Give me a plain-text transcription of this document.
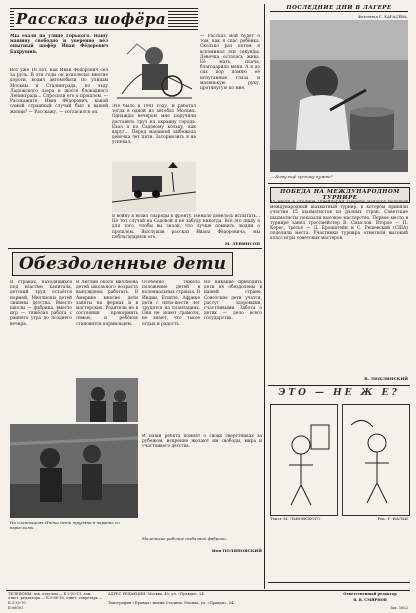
Рассказ шофёра
Мы ехали по улице Горького. Нашу машину свободно и уверенно вёл опытный шофёр Иван Фёдорович Бахрушин.
Вот уже 18 лет, как Иван Фёдорович сел за руль. В эти годы он исколесил многие дороги, водил автомобили по улицам Москвы и Сталинграда, по льду Ладожского озера и шоссе блокадного Ленинграда... Спросили его о прошлом. — Расскажите, Иван Фёдорович, какой самый страшный случай был в вашей жизни? — Расскажу, — согласился он.
Это было в 1941 году. Я работал тогда в одной из автобаз Москвы. Однажды вечером мне поручили доставить груз на окраину города. Ехал я по Садовому кольцу, как вдруг... Перед машиной выбежала девочка лет пяти. Затормозить я не успевал.
— Рассказ мой будет о том, как я спас ребёнка. Сколько раз потом я вспоминал эти секунды. Девочка осталась жива. Её мать, плача, благодарила меня. А я до сих пор помню её испуганные глаза и маленькую руку, протянутую ко мне.
В войну я возил снаряды к фронту. Немало довелось испытать... Но тот случай на Садовой я не забуду никогда. Всё это пишу я для того, чтобы вы знали, что лучше помнить людям о прошлом. Выслушав рассказ Ивана Фёдоровича, мы поблагодарили его.
М. ЛЕВИНСОН
Обездоленные дети
В странах, находящихся под властью капитала, детский труд остаётся нормой. Миллионы детей лишены детства. Вместо школы — фабрика, вместо игр — тяжёлая работа с раннего утра до позднего вечера.
В Англии около миллиона детей школьного возраста вынуждены работать. В Америке многие дети заняты на фермах и в мастерских. Родители не в состоянии прокормить семью, и ребёнок становится кормильцем.
На плантациях Индии дети трудятся наравне со взрослыми.
Особенно тяжело положение детей в колониальных странах. В Индии, Египте, Африке дети с пяти-шести лет трудятся на плантациях. Они не знают грамоты, не знают, что такое отдых и радость.
Но никакие приходить дети не обездолены в нашей стране. Советские дети учатся, растут здоровыми, счастливыми. Забота о детях — дело всего государства.
И наши ребята помнят о своих сверстниках за рубежом, искренне желают им свободы, мира и счастливого детства.
Маленькие рабочие табачной фабрики.
Ион ПОЛЯНОВСКИЙ
ПОСЛЕДНИЕ ДНИ В ЛАГЕРЕ
Фотоэтюд С. КАРАСЁВА.
— Кому ещё супчику нужно?
ПОБЕДА НА МЕЖДУНАРОДНОМ ТУРНИРЕ
15 июля в столице Швейцарии Цюрихе начался большой международный шахматный турнир, в котором приняли участие 15 шахматистов из разных стран. Советские шахматисты показали высокое мастерство. Первое место в турнире занял гроссмейстер В. Смыслов. Второе — П. Керес, третье — Д. Бронштейн и С. Решевский (США) поделили места. Участники турнира отметили высокий класс игры советских мастеров.
В. ЛЮБЛИНСКИЙ
ЭТО — НЕ Ж Е?
Текст М. ЛЬВОВСКОГО	Рис. Г. ВАЛЬК
ТЕЛЕФОНЫ: зав. отделом — Б 2-50-11, зам. ответ. редактора — Б 3-66-18, ответ. секретарь — Б 3-30-70
АДРЕС РЕДАКЦИИ: Москва, 40, ул. «Правды», 24.
Типография «Правды» имени Сталина. Москва, ул. «Правды», 24.
Ответственный редактор
В. В. СМИРНОВ
Зак. 1652
Б-08001
